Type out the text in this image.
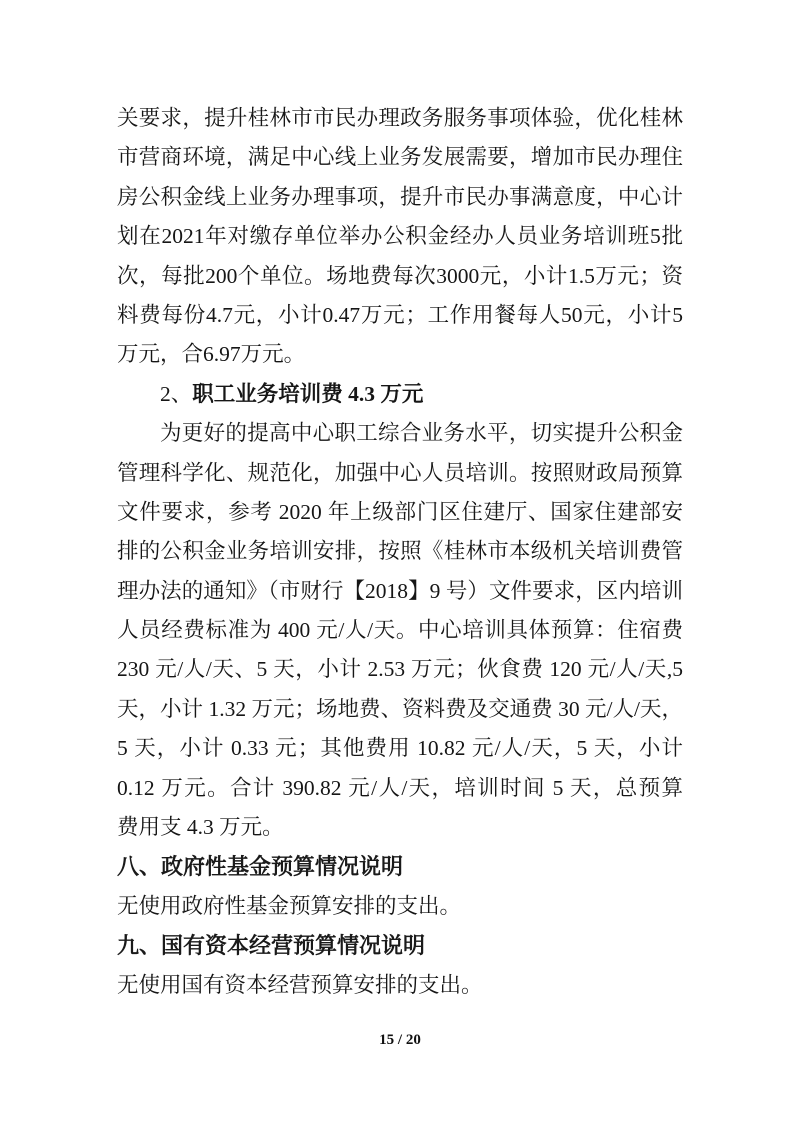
关要求，提升桂林市市民办理政务服务事项体验，优化桂林
市营商环境，满足中心线上业务发展需要，增加市民办理住
房公积金线上业务办理事项，提升市民办事满意度，中心计
划在2021年对缴存单位举办公积金经办人员业务培训班5批
次，每批200个单位。场地费每次3000元，小计1.5万元；资
料费每份4.7元，小计0.47万元；工作用餐每人50元，小计5
万元，合6.97万元。
2、职工业务培训费 4.3 万元
为更好的提高中心职工综合业务水平，切实提升公积金
管理科学化、规范化，加强中心人员培训。按照财政局预算
文件要求，参考 2020 年上级部门区住建厅、国家住建部安
排的公积金业务培训安排，按照《桂林市本级机关培训费管
理办法的通知》（市财行【2018】9 号）文件要求，区内培训
人员经费标准为 400 元/人/天。中心培训具体预算：住宿费
230 元/人/天、5 天，小计 2.53 万元；伙食费 120 元/人/天,5
天，小计 1.32 万元；场地费、资料费及交通费 30 元/人/天，
5 天，小计 0.33 元；其他费用 10.82 元/人/天，5 天，小计
0.12 万元。合计 390.82 元/人/天，培训时间 5 天，总预算
费用支 4.3 万元。
八、政府性基金预算情况说明
无使用政府性基金预算安排的支出。
九、国有资本经营预算情况说明
无使用国有资本经营预算安排的支出。
15 / 20
